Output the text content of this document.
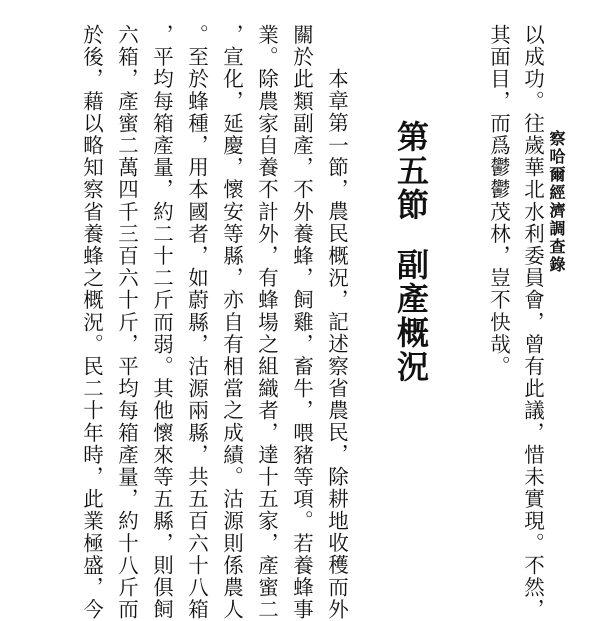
察哈爾經濟調查錄
以成功。往歲華北水利委員會，曾有此議，惜未實現。不然，
其面目，而爲鬱鬱茂林，豈不快哉。
第五節副產概況
本章第一節，農民概況，記述察省農民，除耕地收穫而外
關於此類副產，不外養蜂，飼雞，畜牛，喂豬等項。若養蜂事
業。除農家自養不計外，有蜂場之組織者，達十五家，產蜜二
，宣化，延慶，懷安等縣，亦自有相當之成績。沽源則係農人
。至於蜂種，用本國者，如蔚縣，沽源兩縣，共五百六十八箱
，平均每箱產量，約二十二斤而弱。其他懷來等五縣，則俱飼
六箱，產蜜二萬四千三百六十斤，平均每箱產量，約十八斤而
於後，藉以略知察省養蜂之概況。民二十年時，此業極盛，今
